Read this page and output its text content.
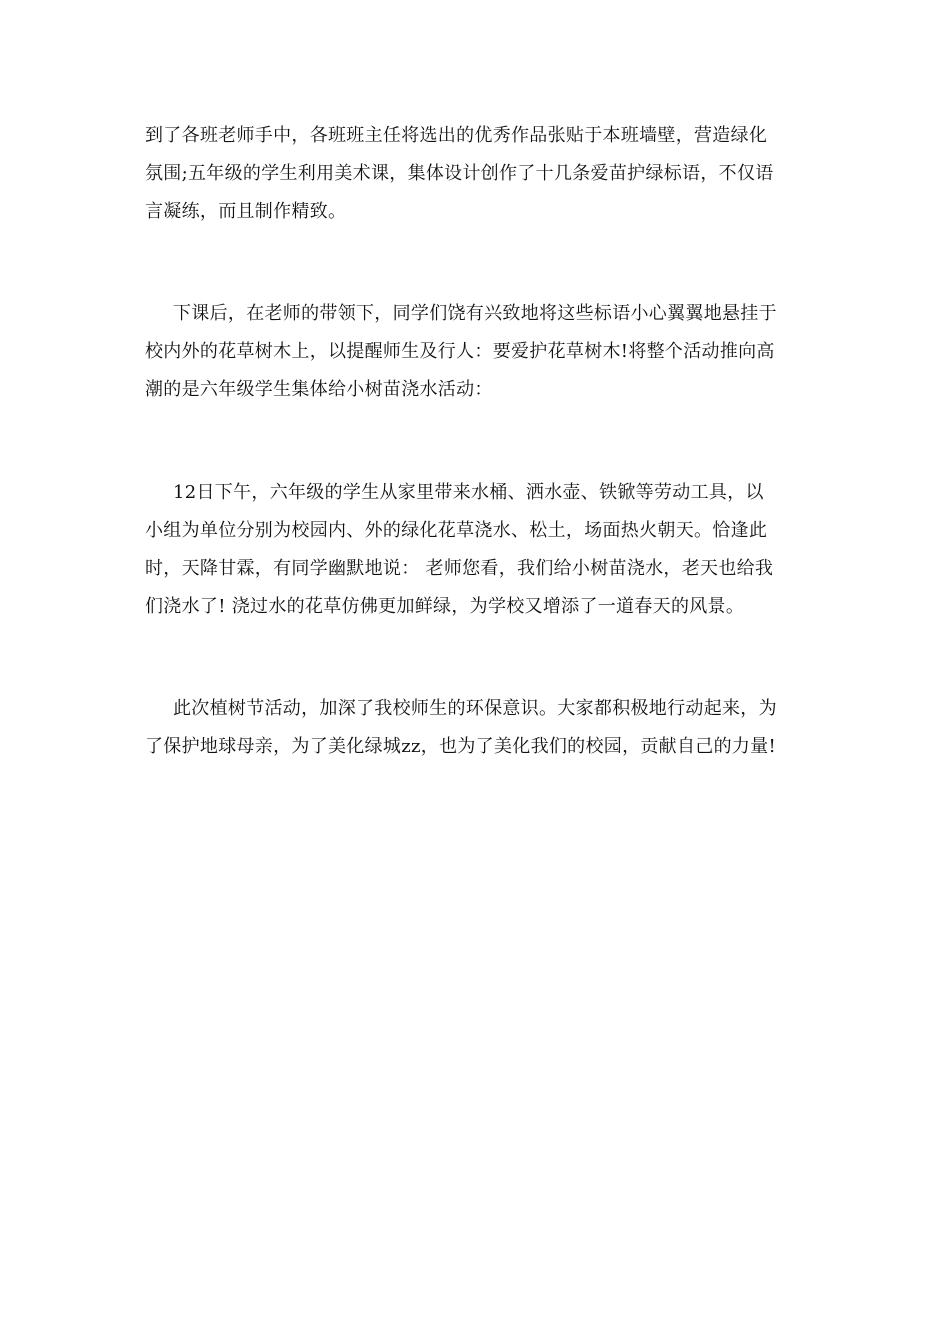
到了各班老师手中，各班班主任将选出的优秀作品张贴于本班墙壁，营造绿化
氛围;五年级的学生利用美术课，集体设计创作了十几条爱苗护绿标语，不仅语
言凝练，而且制作精致。
下课后，在老师的带领下，同学们饶有兴致地将这些标语小心翼翼地悬挂于
校内外的花草树木上，以提醒师生及行人：要爱护花草树木!将整个活动推向高
潮的是六年级学生集体给小树苗浇水活动：
12日下午，六年级的学生从家里带来水桶、洒水壶、铁锨等劳动工具，以
小组为单位分别为校园内、外的绿化花草浇水、松土，场面热火朝天。恰逢此
时，天降甘霖，有同学幽默地说： 老师您看，我们给小树苗浇水，老天也给我
们浇水了! 浇过水的花草仿佛更加鲜绿，为学校又增添了一道春天的风景。
此次植树节活动，加深了我校师生的环保意识。大家都积极地行动起来，为
了保护地球母亲，为了美化绿城zz，也为了美化我们的校园，贡献自己的力量!
